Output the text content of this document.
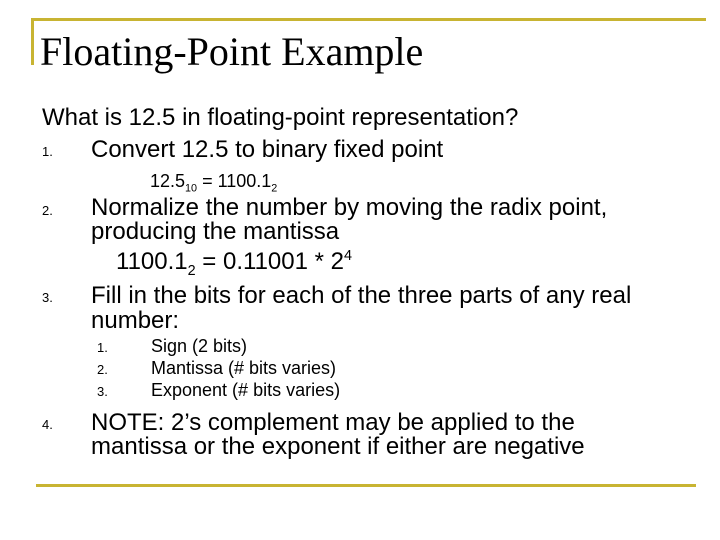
Floating-Point Example
What is 12.5 in floating-point representation?
1. Convert 12.5 to binary fixed point
$12.5_{10} = 1100.1_2$
2. Normalize the number by moving the radix point,
producing the mantissa
$1100.1_2 = 0.11001 * 2^4$
3. Fill in the bits for each of the three parts of any real
number:
1. Sign (2 bits)
2. Mantissa (# bits varies)
3. Exponent (# bits varies)
4. NOTE: 2’s complement may be applied to the
mantissa or the exponent if either are negative
